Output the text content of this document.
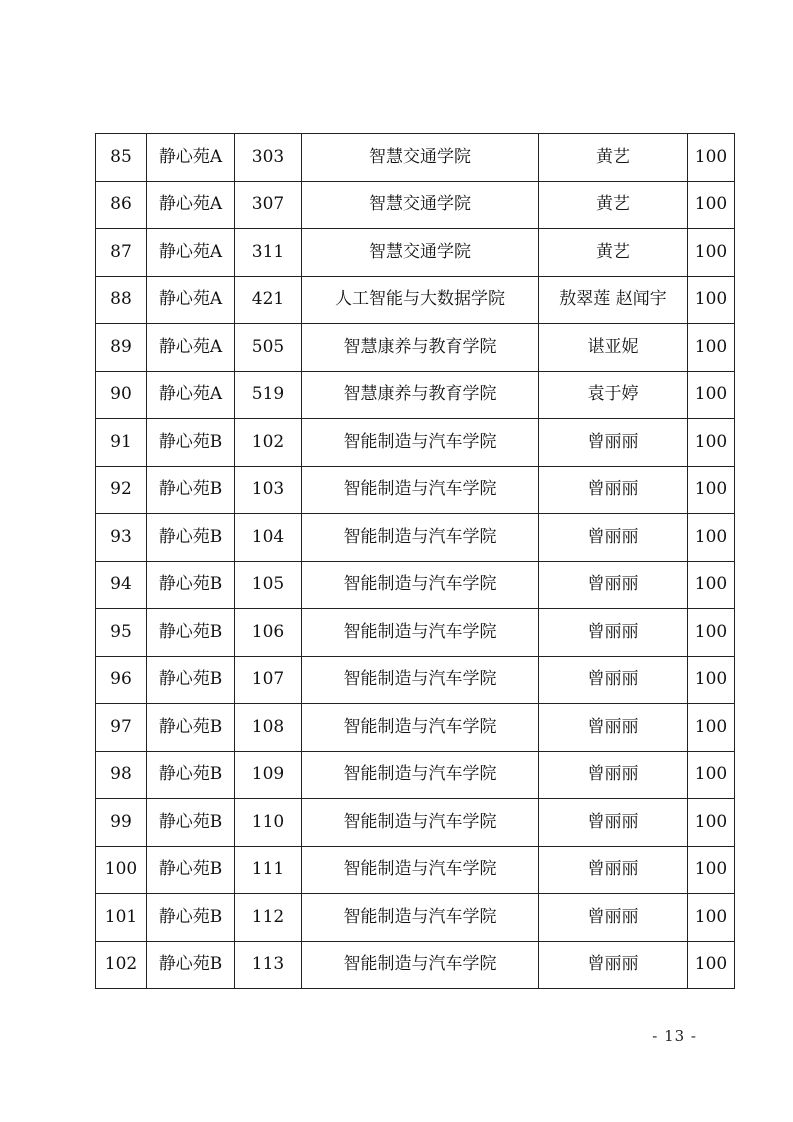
85	静心苑A	303	智慧交通学院	黄艺	100
86	静心苑A	307	智慧交通学院	黄艺	100
87	静心苑A	311	智慧交通学院	黄艺	100
88	静心苑A	421	人工智能与大数据学院	敖翠莲 赵闻宇	100
89	静心苑A	505	智慧康养与教育学院	谌亚妮	100
90	静心苑A	519	智慧康养与教育学院	袁于婷	100
91	静心苑B	102	智能制造与汽车学院	曾丽丽	100
92	静心苑B	103	智能制造与汽车学院	曾丽丽	100
93	静心苑B	104	智能制造与汽车学院	曾丽丽	100
94	静心苑B	105	智能制造与汽车学院	曾丽丽	100
95	静心苑B	106	智能制造与汽车学院	曾丽丽	100
96	静心苑B	107	智能制造与汽车学院	曾丽丽	100
97	静心苑B	108	智能制造与汽车学院	曾丽丽	100
98	静心苑B	109	智能制造与汽车学院	曾丽丽	100
99	静心苑B	110	智能制造与汽车学院	曾丽丽	100
100	静心苑B	111	智能制造与汽车学院	曾丽丽	100
101	静心苑B	112	智能制造与汽车学院	曾丽丽	100
102	静心苑B	113	智能制造与汽车学院	曾丽丽	100
- 13 -
